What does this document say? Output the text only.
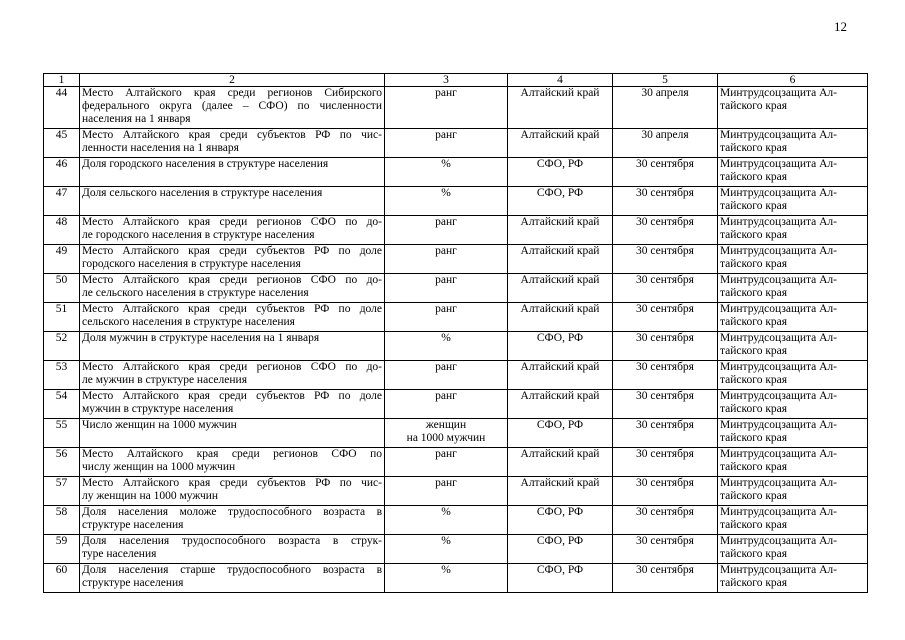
12
1	2	3	4	5	6
44	Место Алтайского края среди регионов Сибирского
федерального округа (далее – СФО) по численности
населения на 1 января	ранг	Алтайский край	30 апреля	Минтрудсоцзащита Ал-
тайского края

45	Место Алтайского края среди субъектов РФ по чис-
ленности населения на 1 января	ранг	Алтайский край	30 апреля	Минтрудсоцзащита Ал-
тайского края

46	Доля городского населения в структуре населения	%	СФО, РФ	30 сентября	Минтрудсоцзащита Ал-
тайского края

47	Доля сельского населения в структуре населения	%	СФО, РФ	30 сентября	Минтрудсоцзащита Ал-
тайского края

48	Место Алтайского края среди регионов СФО по до-
ле городского населения в структуре населения	ранг	Алтайский край	30 сентября	Минтрудсоцзащита Ал-
тайского края

49	Место Алтайского края среди субъектов РФ по доле
городского населения в структуре населения	ранг	Алтайский край	30 сентября	Минтрудсоцзащита Ал-
тайского края

50	Место Алтайского края среди регионов СФО по до-
ле сельского населения в структуре населения	ранг	Алтайский край	30 сентября	Минтрудсоцзащита Ал-
тайского края

51	Место Алтайского края среди субъектов РФ по доле
сельского населения в структуре населения	ранг	Алтайский край	30 сентября	Минтрудсоцзащита Ал-
тайского края

52	Доля мужчин в структуре населения на 1 января	%	СФО, РФ	30 сентября	Минтрудсоцзащита Ал-
тайского края

53	Место Алтайского края среди регионов СФО по до-
ле мужчин в структуре населения	ранг	Алтайский край	30 сентября	Минтрудсоцзащита Ал-
тайского края

54	Место Алтайского края среди субъектов РФ по доле
мужчин в структуре населения	ранг	Алтайский край	30 сентября	Минтрудсоцзащита Ал-
тайского края

55	Число женщин на 1000 мужчин	женщин
на 1000 мужчин	СФО, РФ	30 сентября	Минтрудсоцзащита Ал-
тайского края

56	Место Алтайского края среди регионов СФО по
числу женщин на 1000 мужчин	ранг	Алтайский край	30 сентября	Минтрудсоцзащита Ал-
тайского края

57	Место Алтайского края среди субъектов РФ по чис-
лу женщин на 1000 мужчин	ранг	Алтайский край	30 сентября	Минтрудсоцзащита Ал-
тайского края

58	Доля населения моложе трудоспособного возраста в
структуре населения	%	СФО, РФ	30 сентября	Минтрудсоцзащита Ал-
тайского края

59	Доля населения трудоспособного возраста в струк-
туре населения	%	СФО, РФ	30 сентября	Минтрудсоцзащита Ал-
тайского края

60	Доля населения старше трудоспособного возраста в
структуре населения	%	СФО, РФ	30 сентября	Минтрудсоцзащита Ал-
тайского края
